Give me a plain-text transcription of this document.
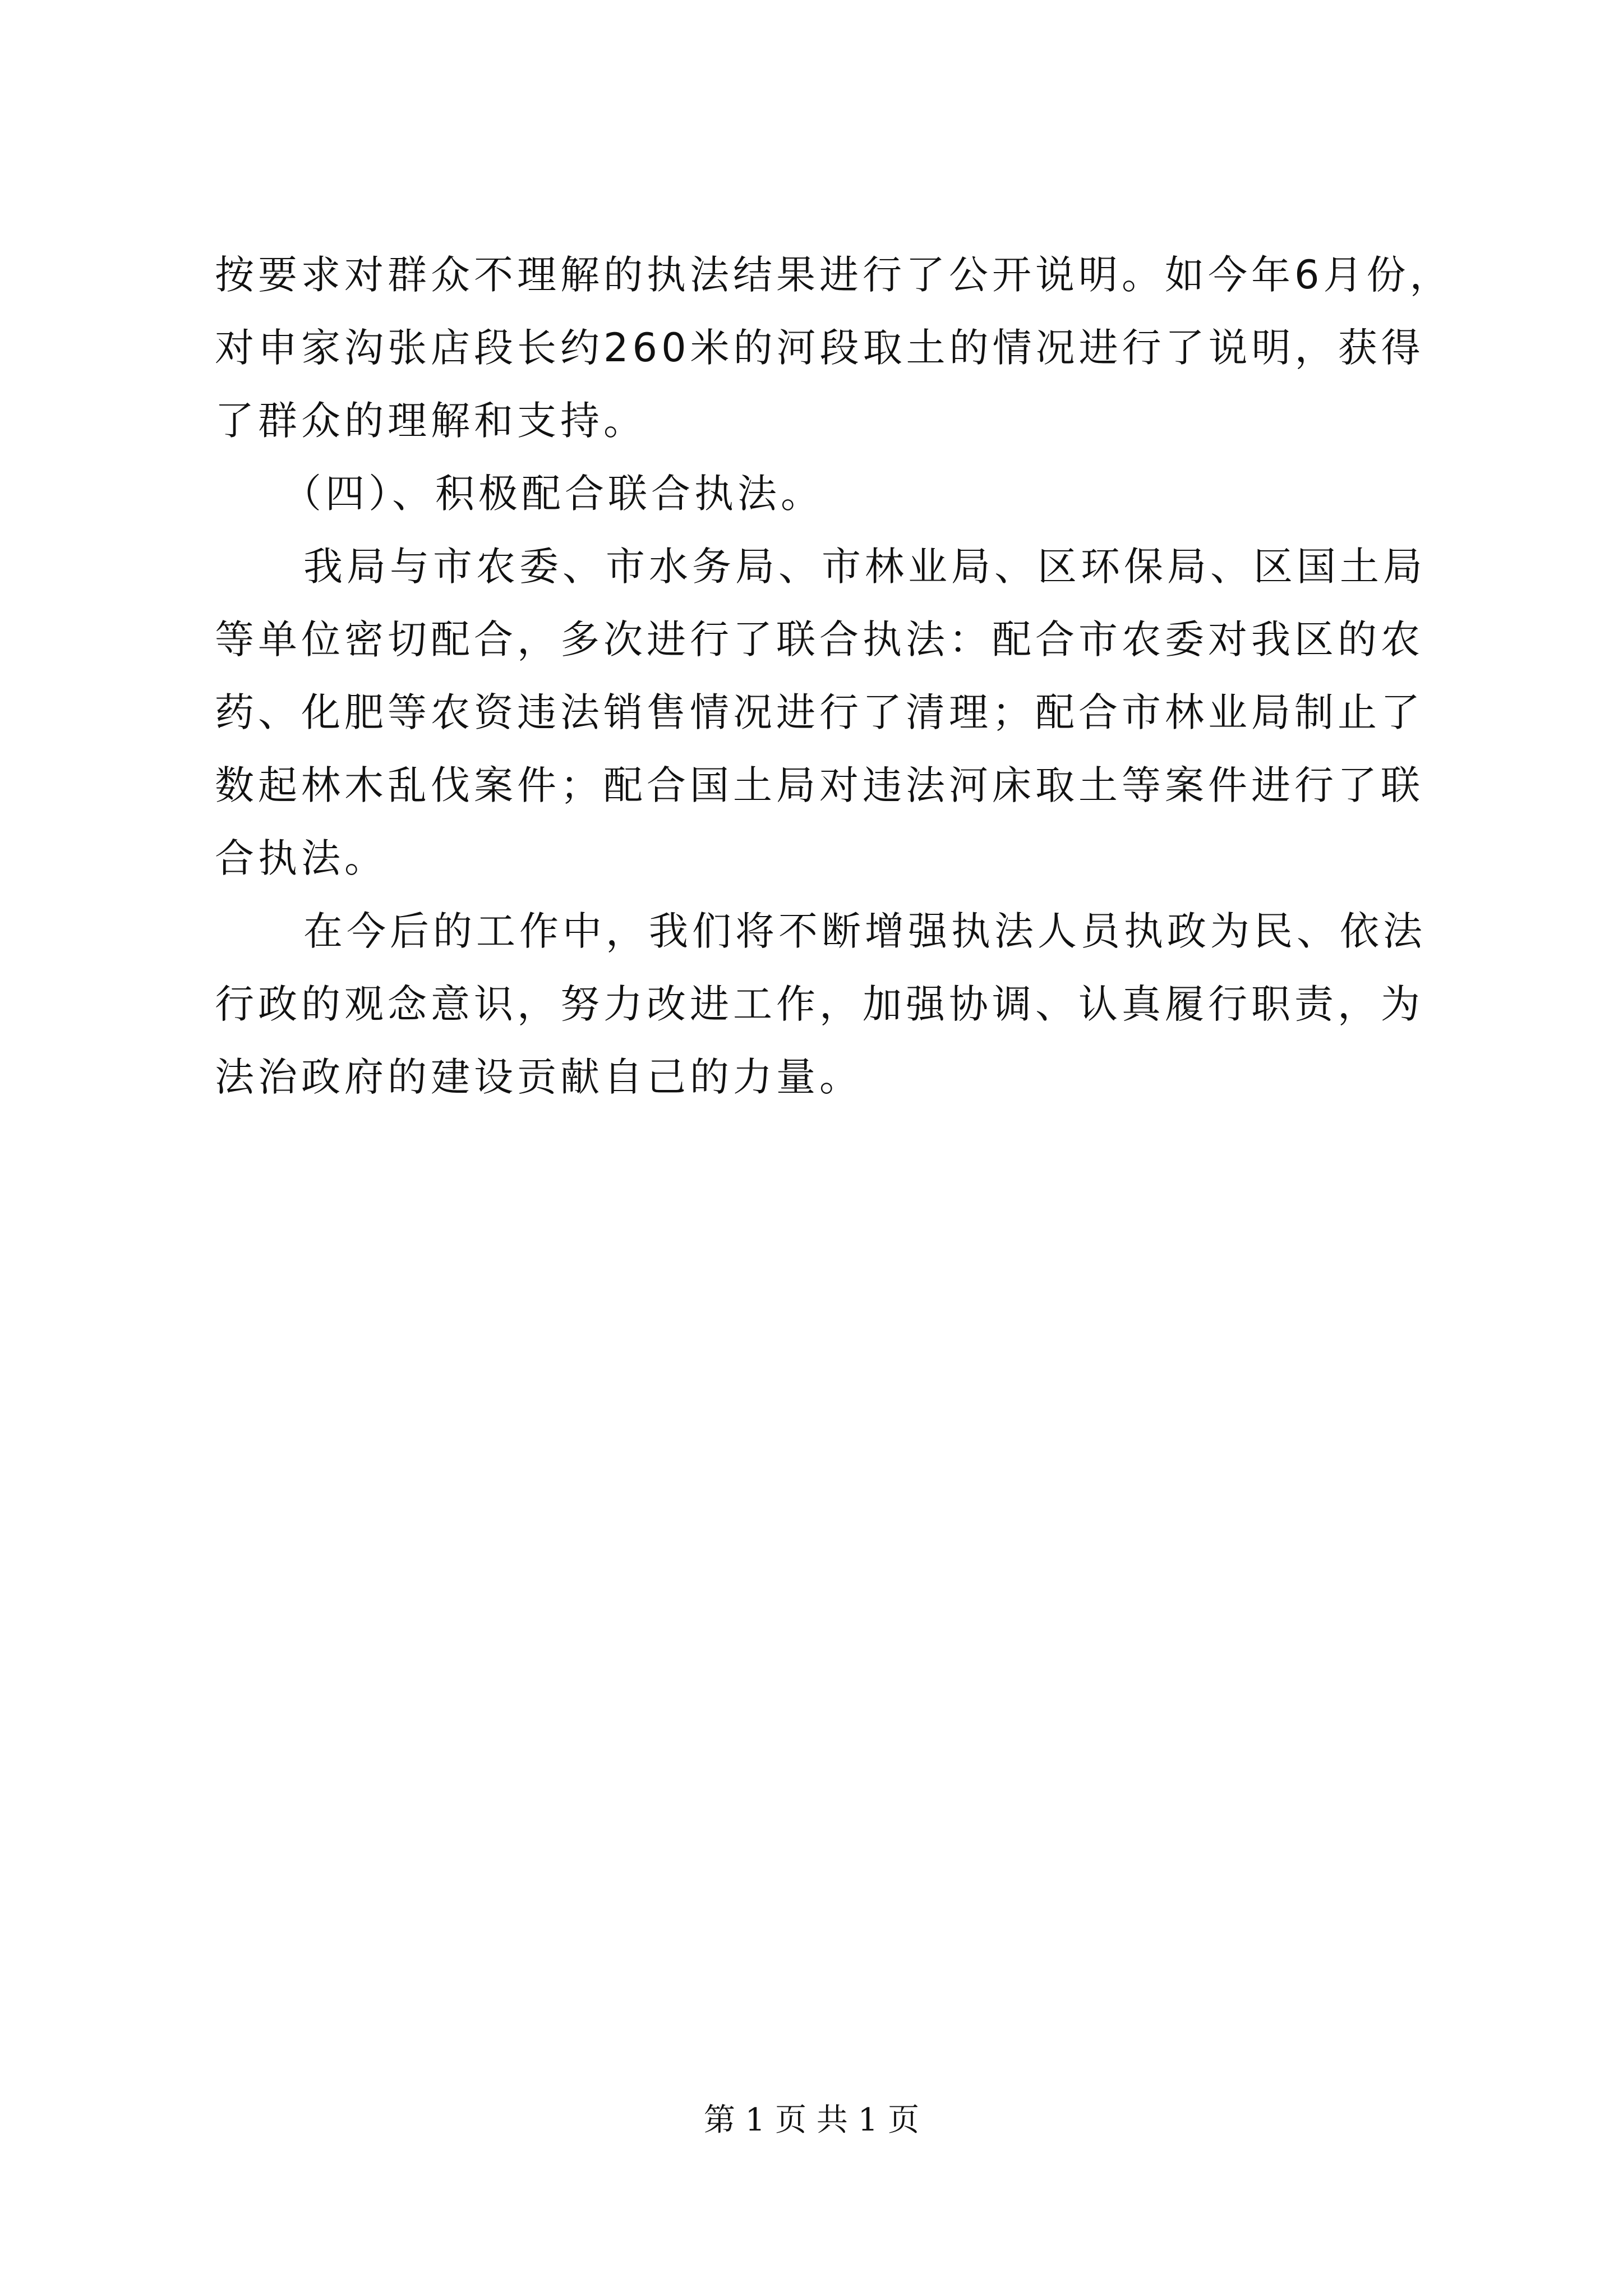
按要求对群众不理解的执法结果进行了公开说明。如今年6月份，
对申家沟张店段长约260米的河段取土的情况进行了说明，获得
了群众的理解和支持。
（四）、积极配合联合执法。
我局与市农委、市水务局、市林业局、区环保局、区国土局
等单位密切配合，多次进行了联合执法：配合市农委对我区的农
药、化肥等农资违法销售情况进行了清理；配合市林业局制止了
数起林木乱伐案件；配合国土局对违法河床取土等案件进行了联
合执法。
在今后的工作中，我们将不断增强执法人员执政为民、依法
行政的观念意识，努力改进工作，加强协调、认真履行职责，为
法治政府的建设贡献自己的力量。
第 1 页 共 1 页
